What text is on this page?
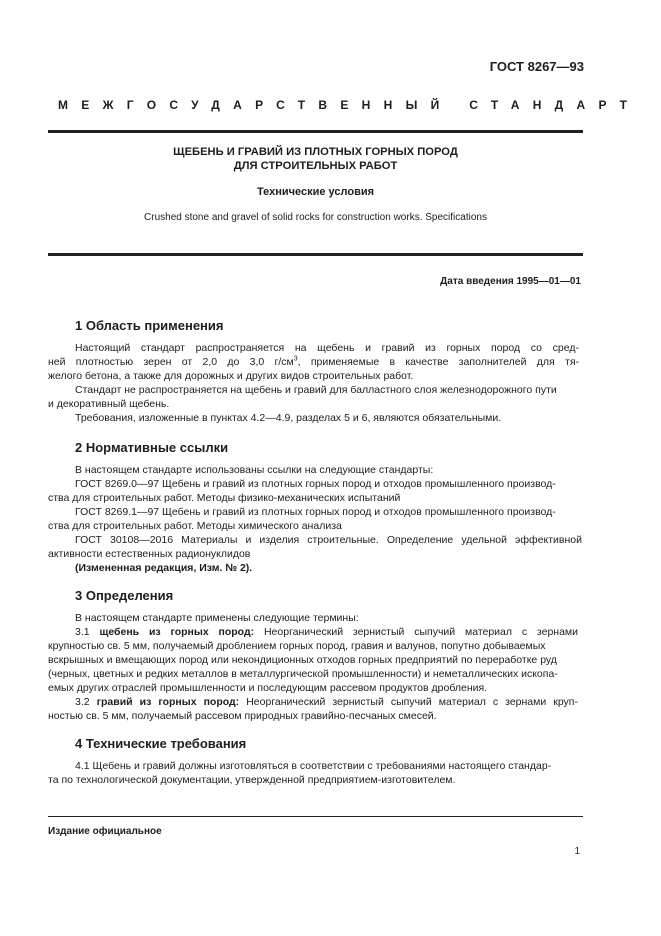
ГОСТ 8267—93
МЕЖГОСУДАРСТВЕННЫЙ СТАНДАРТ
ЩЕБЕНЬ И ГРАВИЙ ИЗ ПЛОТНЫХ ГОРНЫХ ПОРОД
ДЛЯ СТРОИТЕЛЬНЫХ РАБОТ
Технические условия
Crushed stone and gravel of solid rocks for construction works. Specifications
Дата введения 1995—01—01
1 Область применения
Настоящий стандарт распространяется на щебень и гравий из горных пород со сред-
ней плотностью зерен от 2,0 до 3,0 $г/см^3$, применяемые в качестве заполнителей для тя-
желого бетона, а также для дорожных и других видов строительных работ.
Стандарт не распространяется на щебень и гравий для балластного слоя железнодорожного пути
и декоративный щебень.
Требования, изложенные в пунктах 4.2—4.9, разделах 5 и 6, являются обязательными.
2 Нормативные ссылки
В настоящем стандарте использованы ссылки на следующие стандарты:
ГОСТ 8269.0—97 Щебень и гравий из плотных горных пород и отходов промышленного производ-
ства для строительных работ. Методы физико-механических испытаний
ГОСТ 8269.1—97 Щебень и гравий из плотных горных пород и отходов промышленного производ-
ства для строительных работ. Методы химического анализа
ГОСТ 30108—2016 Материалы и изделия строительные. Определение удельной эффективной
активности естественных радионуклидов
(Измененная редакция, Изм. № 2).
3 Определения
В настоящем стандарте применены следующие термины:
3.1 щебень из горных пород: Неорганический зернистый сыпучий материал с зернами
крупностью св. 5 мм, получаемый дроблением горных пород, гравия и валунов, попутно добываемых
вскрышных и вмещающих пород или некондиционных отходов горных предприятий по переработке руд
(черных, цветных и редких металлов в металлургической промышленности) и неметаллических ископа-
емых других отраслей промышленности и последующим рассевом продуктов дробления.
3.2 гравий из горных пород: Неорганический зернистый сыпучий материал с зернами круп-
ностью св. 5 мм, получаемый рассевом природных гравийно-песчаных смесей.
4 Технические требования
4.1 Щебень и гравий должны изготовляться в соответствии с требованиями настоящего стандар-
та по технологической документации, утвержденной предприятием-изготовителем.
Издание официальное
1
